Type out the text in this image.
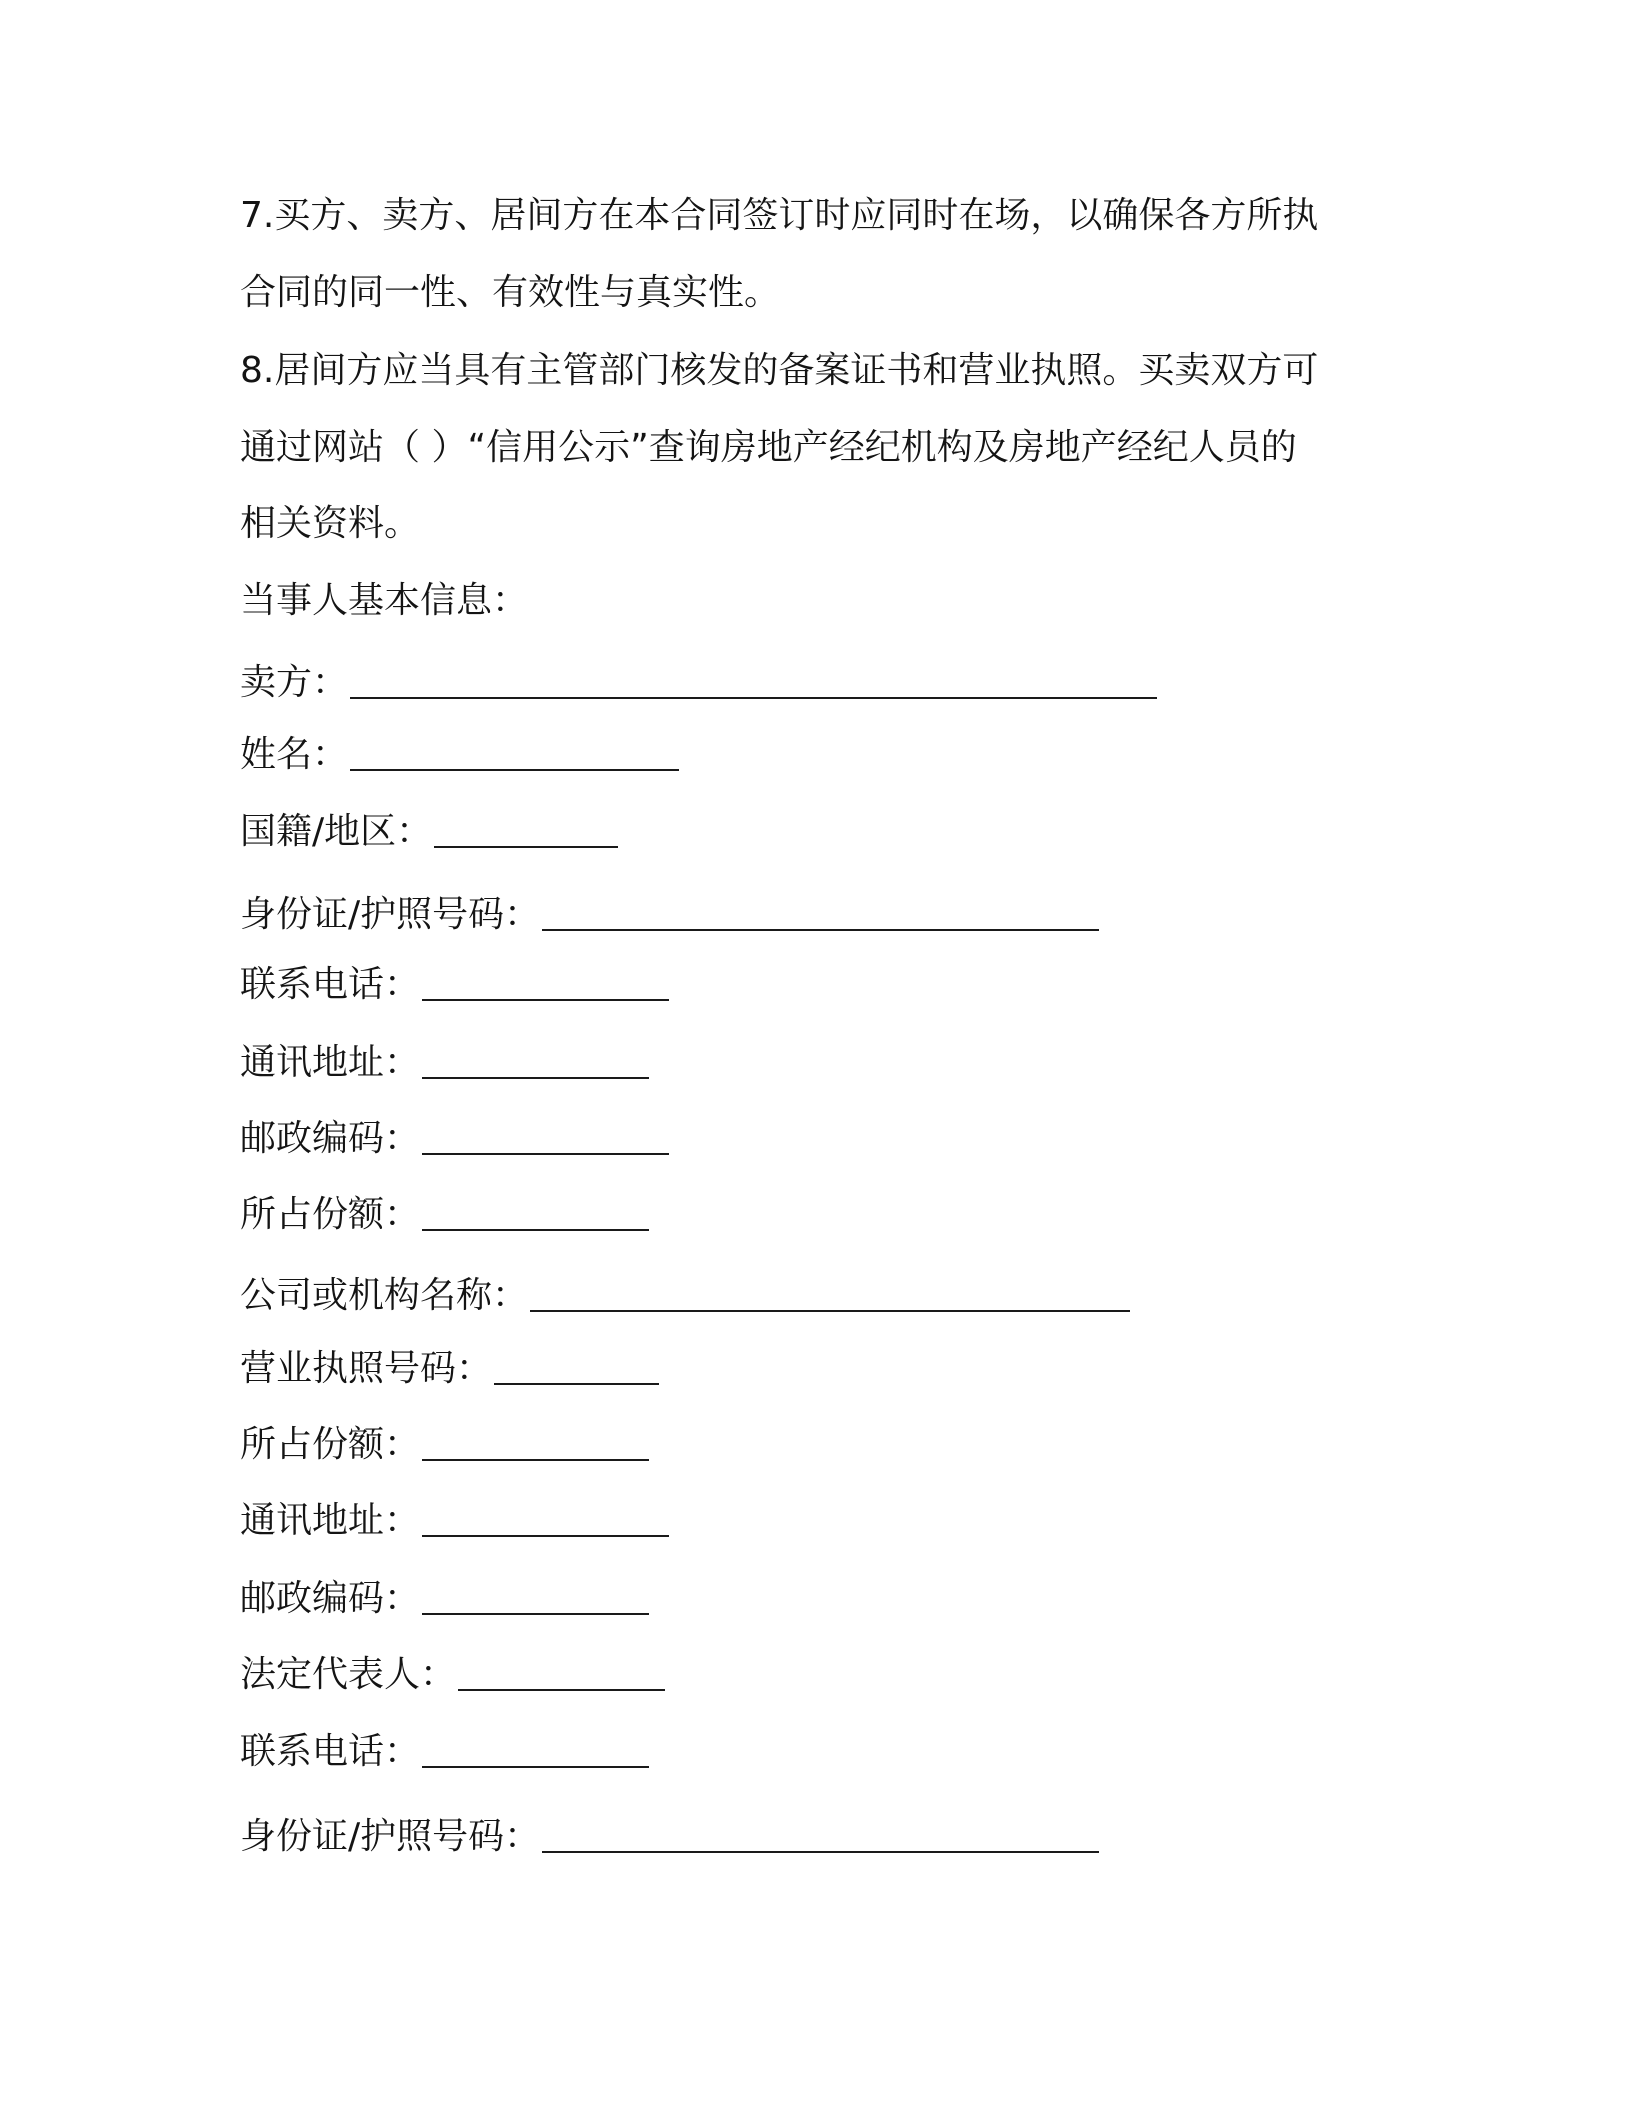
7.买方、卖方、居间方在本合同签订时应同时在场，以确保各方所执
合同的同一性、有效性与真实性。
8.居间方应当具有主管部门核发的备案证书和营业执照。买卖双方可
通过网站（ ）“信用公示”查询房地产经纪机构及房地产经纪人员的
相关资料。
当事人基本信息：
卖方：
姓名：
国籍/地区：
身份证/护照号码：
联系电话：
通讯地址：
邮政编码：
所占份额：
公司或机构名称：
营业执照号码：
所占份额：
通讯地址：
邮政编码：
法定代表人：
联系电话：
身份证/护照号码：
